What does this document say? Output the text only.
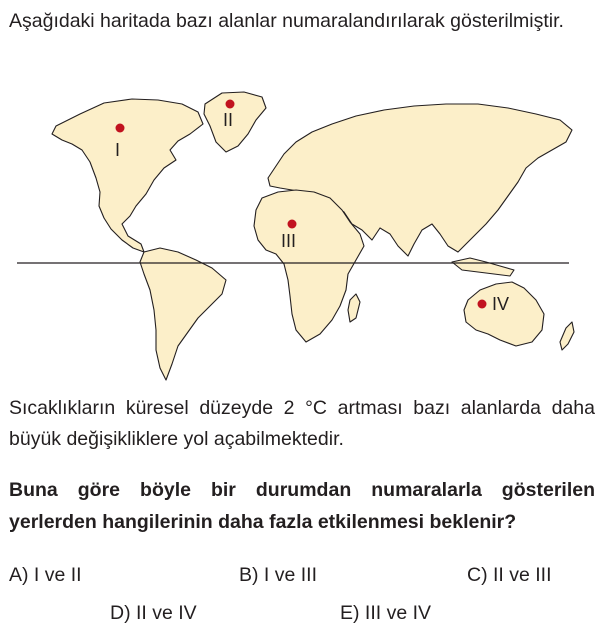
Aşağıdaki haritada bazı alanlar numaralandırılarak gösterilmiştir.

I
II
III
IV

Sıcaklıkların küresel düzeyde 2 °C artması bazı alanlarda daha büyük değişikliklere yol açabilmektedir.

Buna göre böyle bir durumdan numaralarla gösterilen yerlerden hangilerinin daha fazla etkilenmesi beklenir?

A) I ve II	B) I ve III	C) II ve III
D) II ve IV	E) III ve IV
